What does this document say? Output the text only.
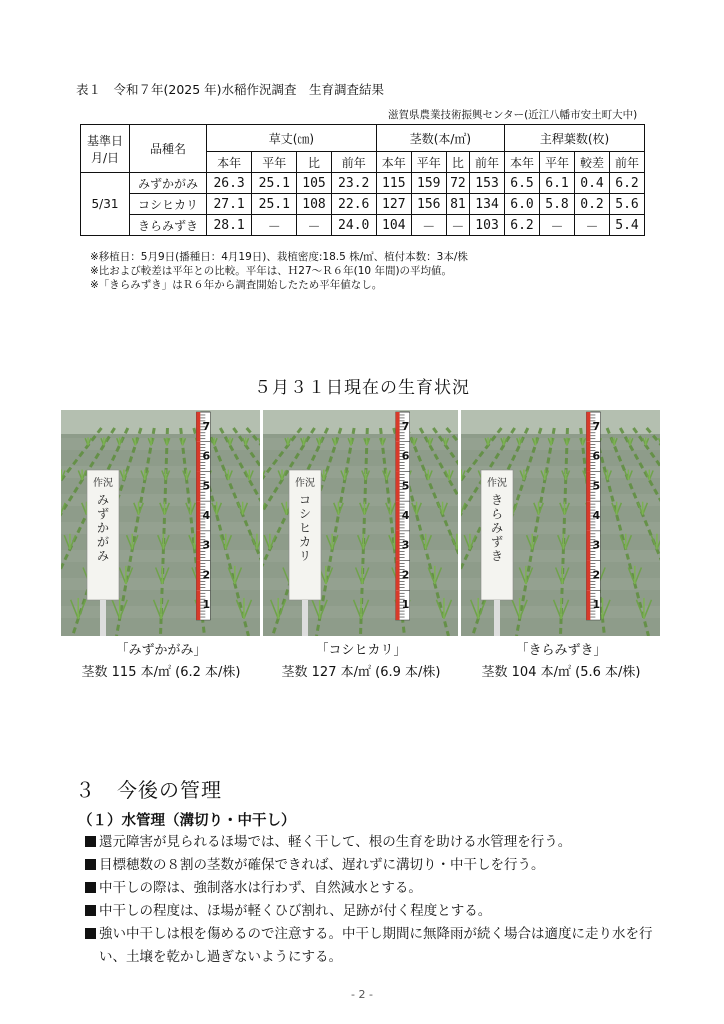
表１　令和７年(2025 年)水稲作況調査　生育調査結果
滋賀県農業技術振興センター(近江八幡市安土町大中)
基準日
月/日	品種名	草丈(㎝)				茎数(本/㎡)				主稈葉数(枚)			
		本年	平年	比	前年	本年	平年	比	前年	本年	平年	較差	前年
5/31	みずかがみ	26.3	25.1	105	23.2	115	159	72	153	6.5	6.1	0.4	6.2
	コシヒカリ	27.1	25.1	108	22.6	127	156	81	134	6.0	5.8	0.2	5.6
	きらみずき	28.1	－	－	24.0	104	－	－	103	6.2	－	－	5.4
※移植日：5月9日(播種日：4月19日)、栽植密度:18.5 株/㎡、植付本数：3本/株
※比および較差は平年との比較。平年は、Ｈ27～Ｒ６年(10 年間)の平均値。
※「きらみずき」はＲ６年から調査開始したため平年値なし。
５月３１日現在の生育状況
7
6
5
4
3
2
1
作況
み
ず
か
が
み
7
6
5
4
3
2
1
作況
コ
シ
ヒ
カ
リ
7
6
5
4
3
2
1
作況
き
ら
み
ず
き
「みずかがみ」
茎数 115 本/㎡ (6.2 本/株)
「コシヒカリ」
茎数 127 本/㎡ (6.9 本/株)
「きらみずき」
茎数 104 本/㎡ (5.6 本/株)
３　今後の管理
（１）水管理（溝切り・中干し）
還元障害が見られるほ場では、軽く干して、根の生育を助ける水管理を行う。
目標穂数の８割の茎数が確保できれば、遅れずに溝切り・中干しを行う。
中干しの際は、強制落水は行わず、自然減水とする。
中干しの程度は、ほ場が軽くひび割れ、足跡が付く程度とする。
強い中干しは根を傷めるので注意する。中干し期間に無降雨が続く場合は適度に走り水を行い、土壌を乾かし過ぎないようにする。
- 2 -
